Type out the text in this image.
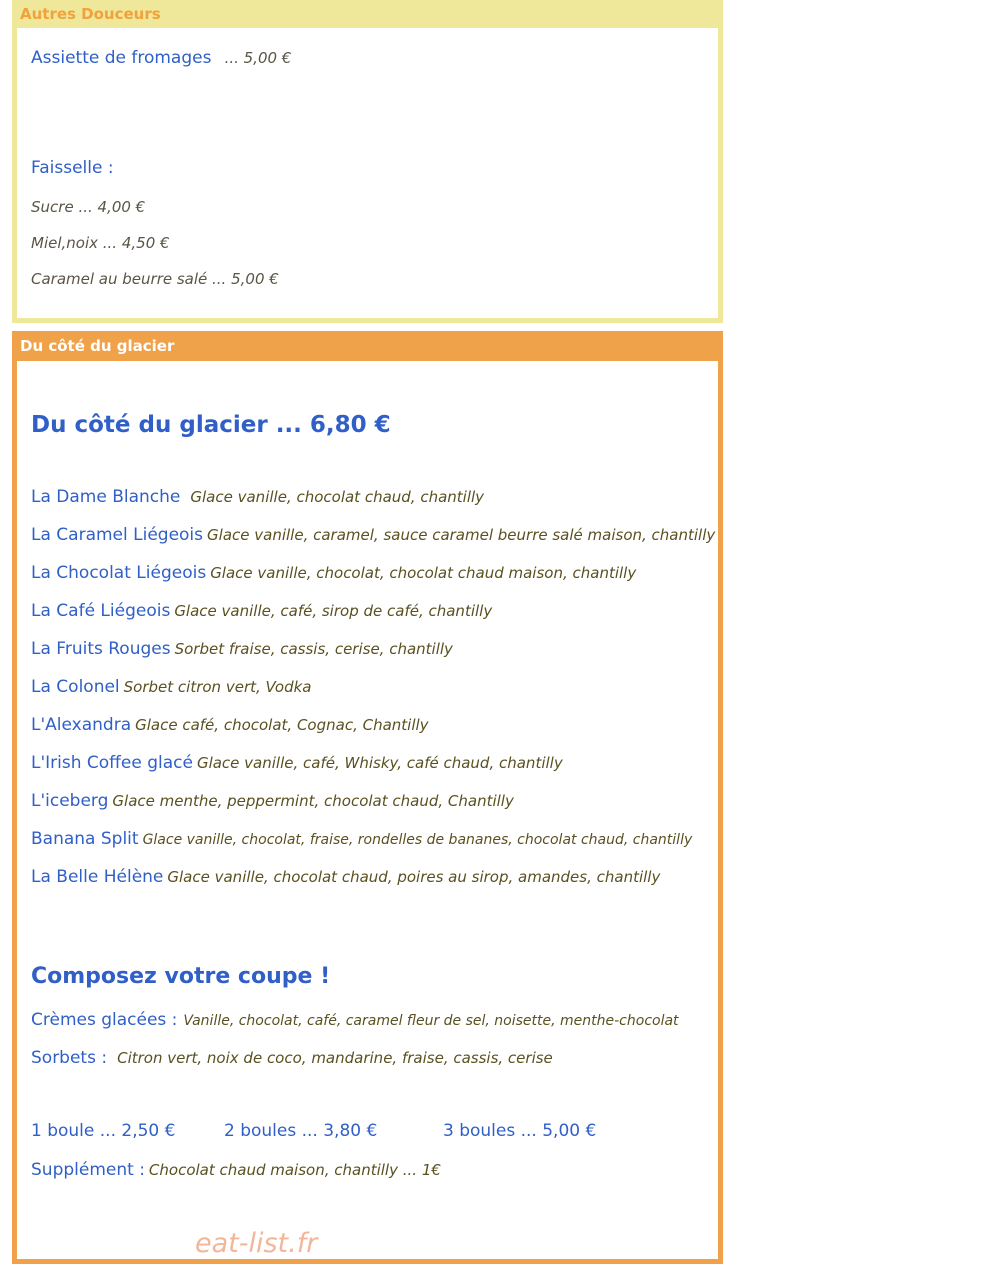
Autres Douceurs
Assiette de fromages ... 5,00 €
Faisselle :
Sucre ... 4,00 €
Miel,noix ... 4,50 €
Caramel au beurre salé ... 5,00 €
Du côté du glacier
Du côté du glacier ... 6,80 €
La Dame Blanche Glace vanille, chocolat chaud, chantilly
La Caramel Liégeois Glace vanille, caramel, sauce caramel beurre salé maison, chantilly
La Chocolat Liégeois Glace vanille, chocolat, chocolat chaud maison, chantilly
La Café Liégeois Glace vanille, café, sirop de café, chantilly
La Fruits Rouges Sorbet fraise, cassis, cerise, chantilly
La Colonel Sorbet citron vert, Vodka
L'Alexandra Glace café, chocolat, Cognac, Chantilly
L'Irish Coffee glacé Glace vanille, café, Whisky, café chaud, chantilly
L'iceberg Glace menthe, peppermint, chocolat chaud, Chantilly
Banana Split Glace vanille, chocolat, fraise, rondelles de bananes, chocolat chaud, chantilly
La Belle Hélène Glace vanille, chocolat chaud, poires au sirop, amandes, chantilly
Composez votre coupe !
Crèmes glacées : Vanille, chocolat, café, caramel fleur de sel, noisette, menthe-chocolat
Sorbets : Citron vert, noix de coco, mandarine, fraise, cassis, cerise
1 boule ... 2,50 €	2 boules ... 3,80 €	3 boules ... 5,00 €
Supplément : Chocolat chaud maison, chantilly ... 1€
eat-list.fr
